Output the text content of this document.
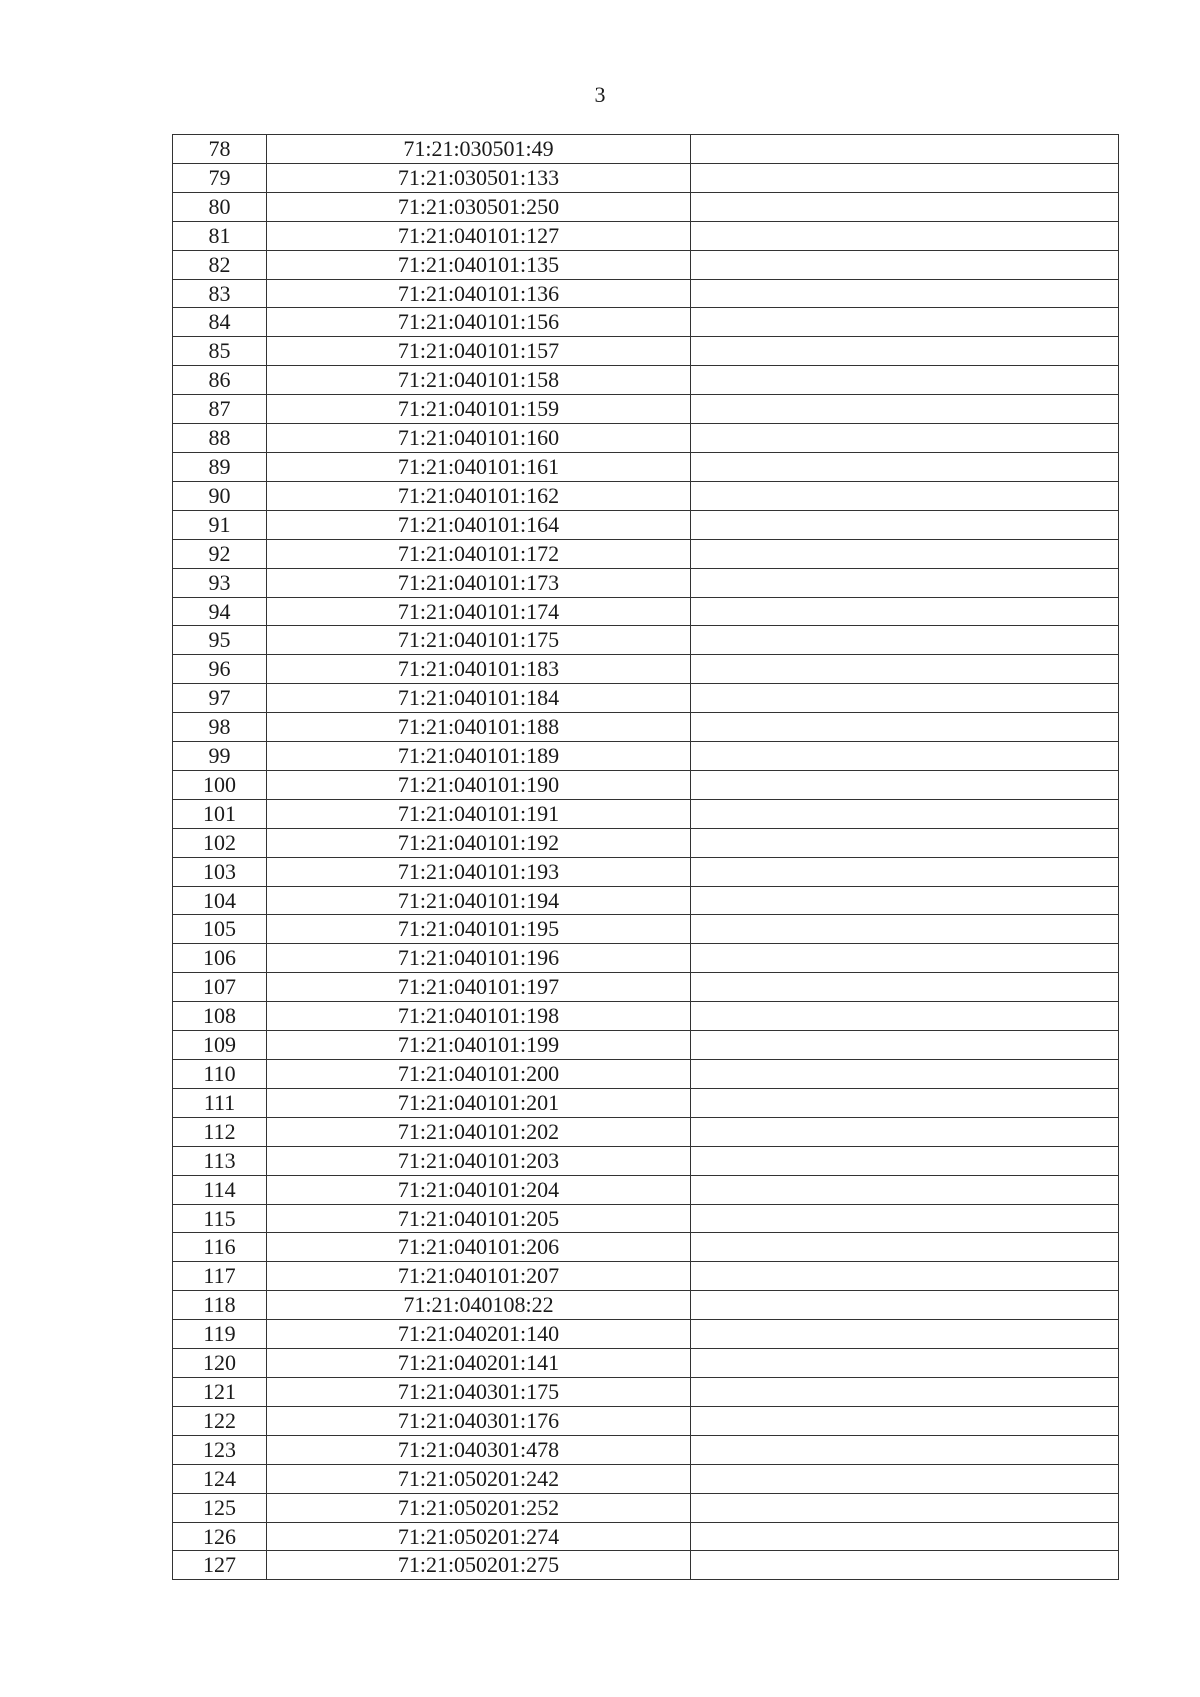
3
78	71:21:030501:49	
79	71:21:030501:133	
80	71:21:030501:250	
81	71:21:040101:127	
82	71:21:040101:135	
83	71:21:040101:136	
84	71:21:040101:156	
85	71:21:040101:157	
86	71:21:040101:158	
87	71:21:040101:159	
88	71:21:040101:160	
89	71:21:040101:161	
90	71:21:040101:162	
91	71:21:040101:164	
92	71:21:040101:172	
93	71:21:040101:173	
94	71:21:040101:174	
95	71:21:040101:175	
96	71:21:040101:183	
97	71:21:040101:184	
98	71:21:040101:188	
99	71:21:040101:189	
100	71:21:040101:190	
101	71:21:040101:191	
102	71:21:040101:192	
103	71:21:040101:193	
104	71:21:040101:194	
105	71:21:040101:195	
106	71:21:040101:196	
107	71:21:040101:197	
108	71:21:040101:198	
109	71:21:040101:199	
110	71:21:040101:200	
111	71:21:040101:201	
112	71:21:040101:202	
113	71:21:040101:203	
114	71:21:040101:204	
115	71:21:040101:205	
116	71:21:040101:206	
117	71:21:040101:207	
118	71:21:040108:22	
119	71:21:040201:140	
120	71:21:040201:141	
121	71:21:040301:175	
122	71:21:040301:176	
123	71:21:040301:478	
124	71:21:050201:242	
125	71:21:050201:252	
126	71:21:050201:274	
127	71:21:050201:275	
